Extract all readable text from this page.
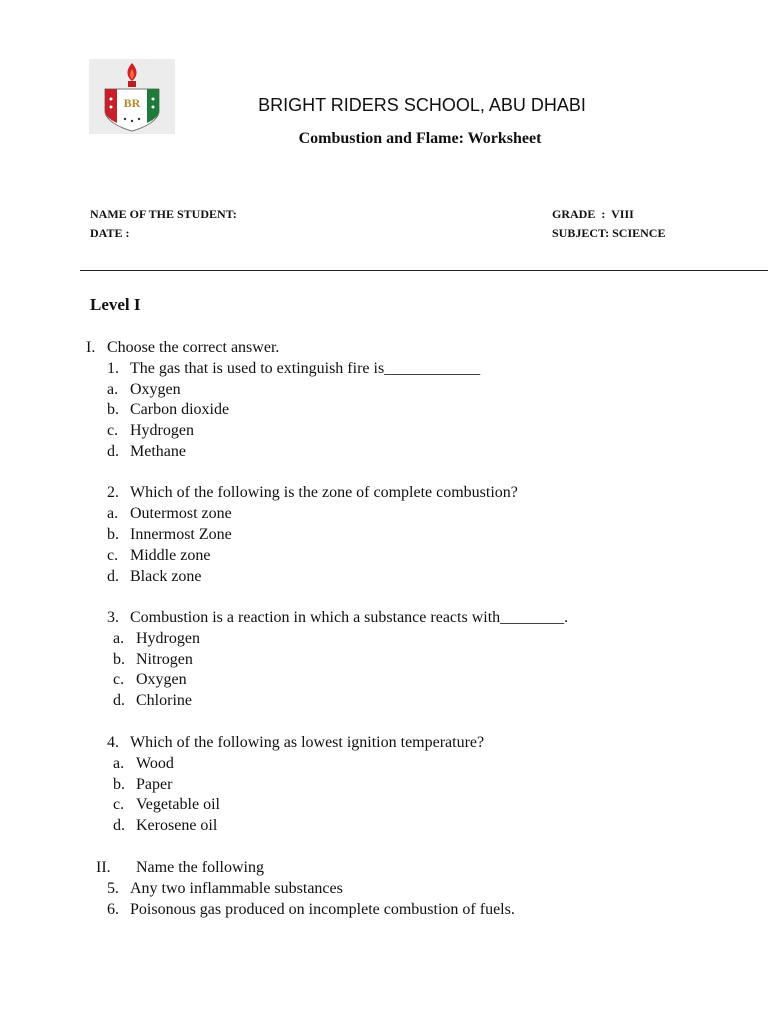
BR	BRIGHT RIDERS SCHOOL, ABU DHABI
Combustion and Flame: Worksheet
NAME OF THE STUDENT:
DATE :
GRADE  :  VIII
SUBJECT: SCIENCE
Level I
I. Choose the correct answer.
1. The gas that is used to extinguish fire is____________
a. Oxygen
b. Carbon dioxide
c. Hydrogen
d. Methane
2. Which of the following is the zone of complete combustion?
a. Outermost zone
b. Innermost Zone
c. Middle zone
d. Black zone
3. Combustion is a reaction in which a substance reacts with________.
a. Hydrogen
b. Nitrogen
c. Oxygen
d. Chlorine
4. Which of the following as lowest ignition temperature?
a. Wood
b. Paper
c. Vegetable oil
d. Kerosene oil
II. Name the following
5. Any two inflammable substances
6. Poisonous gas produced on incomplete combustion of fuels.
